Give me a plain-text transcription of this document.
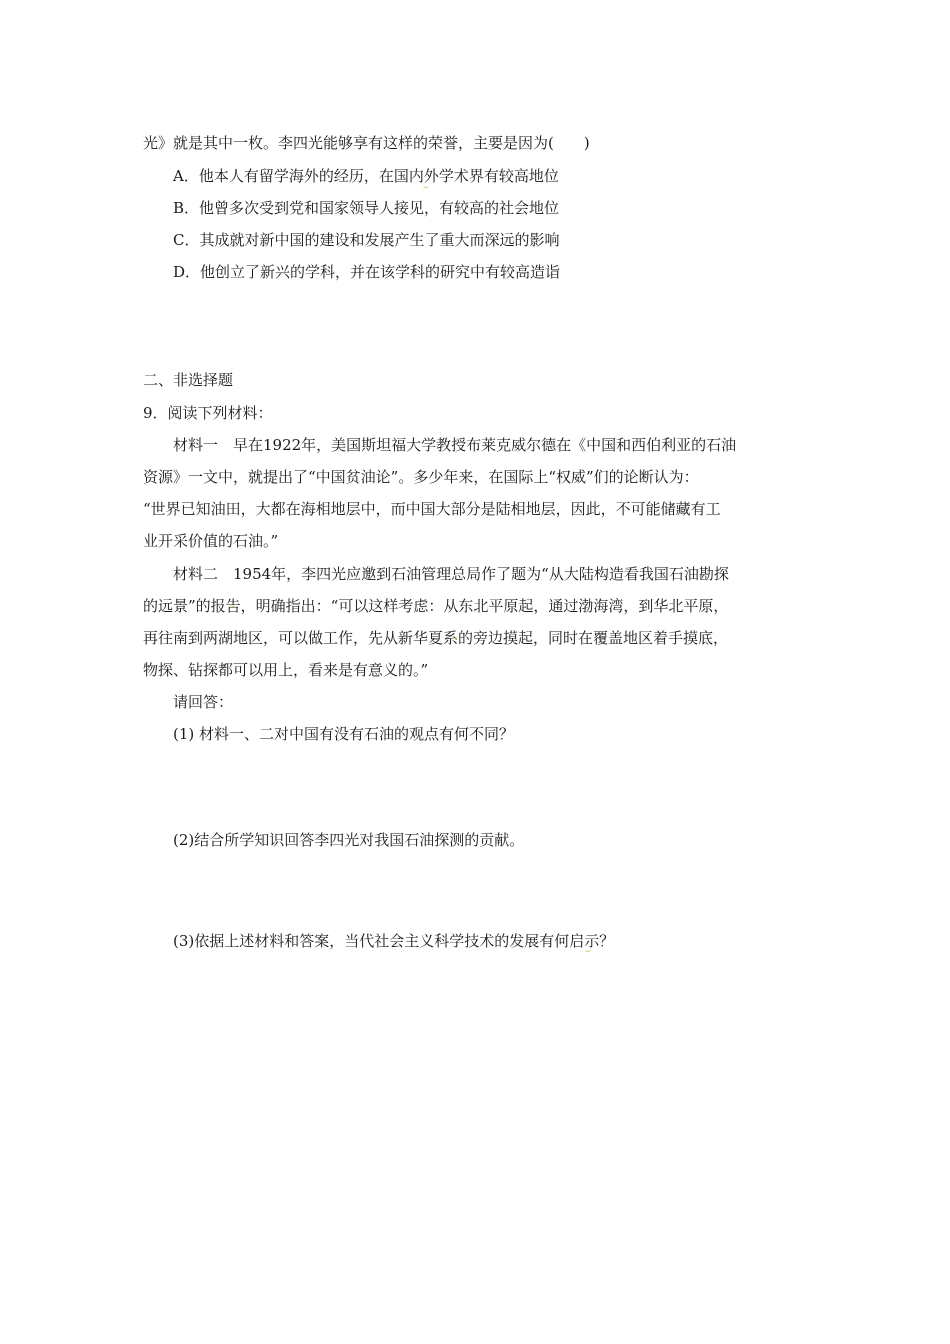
光》就是其中一枚。李四光能够享有这样的荣誉，主要是因为(　　)
A．他本人有留学海外的经历，在国内外学术界有较高地位
B．他曾多次受到党和国家领导人接见，有较高的社会地位
C．其成就对新中国的建设和发展产生了重大而深远的影响
D．他创立了新兴的学科，并在该学科的研究中有较高造诣
二、非选择题
9．阅读下列材料：
材料一　早在1922年，美国斯坦福大学教授布莱克威尔德在《中国和西伯利亚的石油
资源》一文中，就提出了“中国贫油论”。多少年来，在国际上“权威”们的论断认为：
“世界已知油田，大都在海相地层中，而中国大部分是陆相地层，因此，不可能储藏有工
业开采价值的石油。”
材料二　1954年，李四光应邀到石油管理总局作了题为“从大陆构造看我国石油勘探
的远景”的报告，明确指出：“可以这样考虑：从东北平原起，通过渤海湾，到华北平原，
再往南到两湖地区，可以做工作，先从新华夏系的旁边摸起，同时在覆盖地区着手摸底，
物探、钻探都可以用上，看来是有意义的。”
请回答：
(1) 材料一、二对中国有没有石油的观点有何不同？
(2)结合所学知识回答李四光对我国石油探测的贡献。
(3)依据上述材料和答案，当代社会主义科学技术的发展有何启示？
